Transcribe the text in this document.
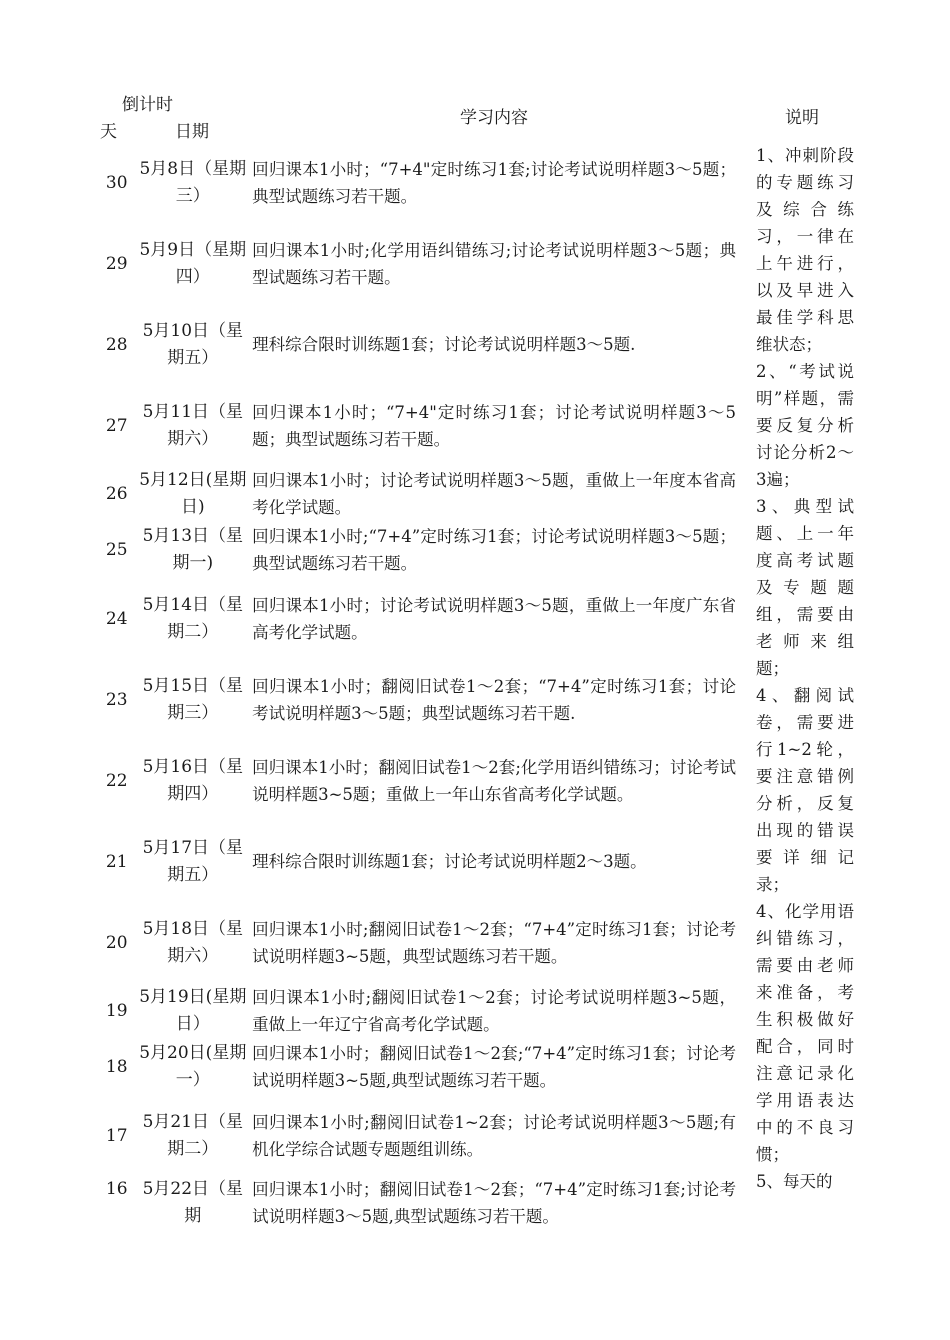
倒计时
天	日期
学习内容	说明
30
5月8日（星期三）
回归课本1小时；“7+4"定时练习1套;讨论考试说明样题3～5题；典型试题练习若干题。
29
5月9日（星期四）
回归课本1小时;化学用语纠错练习;讨论考试说明样题3～5题；典型试题练习若干题。
28
5月10日（星期五）
理科综合限时训练题1套；讨论考试说明样题3～5题.
27
5月11日（星期六）
回归课本1小时；“7+4"定时练习1套；讨论考试说明样题3～5题；典型试题练习若干题。
26
5月12日(星期日)
回归课本1小时；讨论考试说明样题3～5题，重做上一年度本省高考化学试题。
25
5月13日（星期一)
回归课本1小时;“7+4”定时练习1套；讨论考试说明样题3～5题；典型试题练习若干题。
24
5月14日（星期二）
回归课本1小时；讨论考试说明样题3～5题，重做上一年度广东省高考化学试题。
23
5月15日（星期三）
回归课本1小时；翻阅旧试卷1～2套；“7+4”定时练习1套；讨论考试说明样题3～5题；典型试题练习若干题.
22
5月16日（星期四）
回归课本1小时；翻阅旧试卷1～2套;化学用语纠错练习；讨论考试说明样题3~5题；重做上一年山东省高考化学试题。
21
5月17日（星期五）
理科综合限时训练题1套；讨论考试说明样题2～3题。
20
5月18日（星期六）
回归课本1小时;翻阅旧试卷1～2套；“7+4”定时练习1套；讨论考试说明样题3~5题，典型试题练习若干题。
19
5月19日(星期日）
回归课本1小时;翻阅旧试卷1～2套；讨论考试说明样题3~5题，重做上一年辽宁省高考化学试题。
18
5月20日(星期一）
回归课本1小时；翻阅旧试卷1～2套;“7+4”定时练习1套；讨论考试说明样题3~5题,典型试题练习若干题。
17
5月21日（星期二）
回归课本1小时;翻阅旧试卷1~2套；讨论考试说明样题3～5题;有机化学综合试题专题题组训练。
16 5月22日（星期
回归课本1小时；翻阅旧试卷1～2套；“7+4”定时练习1套;讨论考试说明样题3～5题,典型试题练习若干题。

1、冲刺阶段的专题练习及综合练习，一律在上午进行，以及早进入最佳学科思维状态；

2、“考试说明”样题，需要反复分析讨论分析2～3遍；

3、典型试题、上一年度高考试题及专题题组，需要由老师来组题；

4、翻阅试卷，需要进行1~2轮，要注意错例分析，反复出现的错误要详细记录；

4、化学用语纠错练习，需要由老师来准备，考生积极做好配合，同时注意记录化学用语表达中的不良习惯；

5、每天的
